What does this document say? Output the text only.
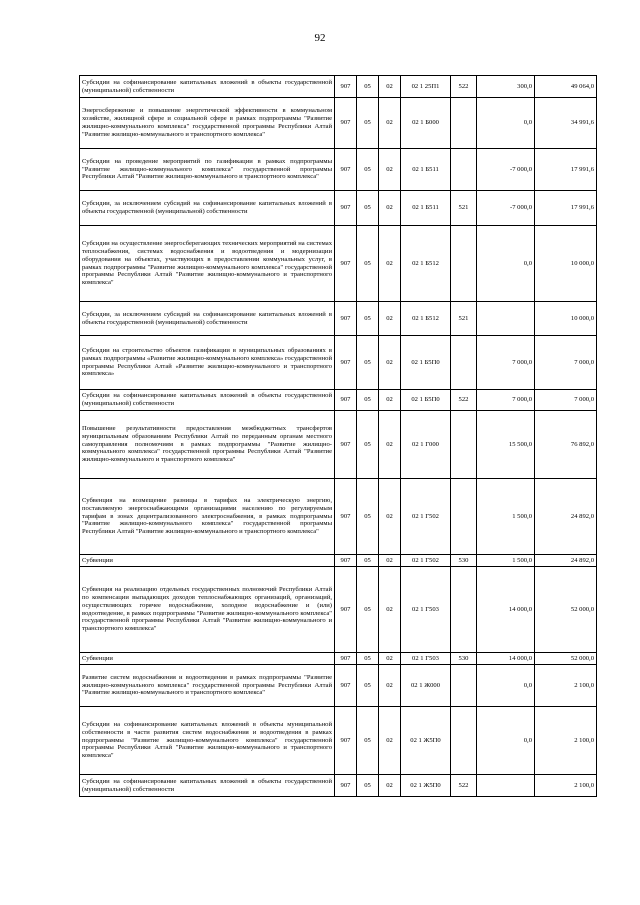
92
Субсидии на софинансирование капитальных вложений в объекты государственной (муниципальной) собственности	907	05	02	02 1 25П1	522	300,0	49 064,0
Энергосбережение и повышение энергетической эффективности в коммунальном хозяйстве, жилищной сфере и социальной сфере в рамках подпрограммы "Развитие жилищно-коммунального комплекса" государственной программы Республики Алтай "Развитие жилищно-коммунального и транспортного комплекса"	907	05	02	02 1 Б000		0,0	34 991,6
Субсидии на проведение мероприятий по газификации в рамках подпрограммы "Развитие жилищно-коммунального комплекса" государственной программы Республики Алтай "Развитие жилищно-коммунального и транспортного комплекса"	907	05	02	02 1 Б511		-7 000,0	17 991,6
Субсидии, за исключением субсидий на софинансирование капитальных вложений в объекты государственной (муниципальной) собственности	907	05	02	02 1 Б511	521	-7 000,0	17 991,6
Субсидии на осуществление энергосберегающих технических мероприятий на системах теплоснабжения, системах водоснабжения и водоотведения и модернизации оборудования на объектах, участвующих в предоставлении коммунальных услуг, в рамках подпрограммы "Развитие жилищно-коммунального комплекса" государственной программы Республики Алтай "Развитие жилищно-коммунального и транспортного комплекса"	907	05	02	02 1 Б512		0,0	10 000,0
Субсидии, за исключением субсидий на софинансирование капитальных вложений в объекты государственной (муниципальной) собственности	907	05	02	02 1 Б512	521		10 000,0
Субсидии на строительство объектов газификации в муниципальных образованиях в рамках подпрограммы «Развитие жилищно-коммунального комплекса» государственной программы Республики Алтай «Развитие жилищно-коммунального и транспортного комплекса»	907	05	02	02 1 Б5П0		7 000,0	7 000,0
Субсидии на софинансирование капитальных вложений в объекты государственной (муниципальной) собственности	907	05	02	02 1 Б5П0	522	7 000,0	7 000,0
Повышение результативности предоставления межбюджетных трансфертов муниципальным образованиям Республики Алтай по переданным органам местного самоуправления полномочиям в рамках подпрограммы "Развитие жилищно-коммунального комплекса" государственной программы Республики Алтай "Развитие жилищно-коммунального и транспортного комплекса"	907	05	02	02 1 Г000		15 500,0	76 892,0
Субвенция на возмещение разницы в тарифах на электрическую энергию, поставляемую энергоснабжающими организациями населению по регулируемым тарифам в зонах децентрализованного электроснабжения, в рамках подпрограммы "Развитие жилищно-коммунального комплекса" государственной программы Республики Алтай "Развитие жилищно-коммунального и транспортного комплекса"	907	05	02	02 1 Г502		1 500,0	24 892,0
Субвенции	907	05	02	02 1 Г502	530	1 500,0	24 892,0
Субвенция на реализацию отдельных государственных полномочий Республики Алтай по компенсации выпадающих доходов теплоснабжающих организаций, организаций, осуществляющих горячее водоснабжение, холодное водоснабжение и (или) водоотведение, в рамках подпрограммы "Развитие жилищно-коммунального комплекса" государственной программы Республики Алтай "Развитие жилищно-коммунального и транспортного комплекса"	907	05	02	02 1 Г503		14 000,0	52 000,0
Субвенции	907	05	02	02 1 Г503	530	14 000,0	52 000,0
Развитие систем водоснабжения и водоотведения в рамках подпрограммы "Развитие жилищно-коммунального комплекса" государственной программы Республики Алтай "Развитие жилищно-коммунального и транспортного комплекса"	907	05	02	02 1 Ж000		0,0	2 100,0
Субсидии на софинансирование капитальных вложений в объекты муниципальной собственности в части развития систем водоснабжения и водоотведения в рамках подпрограммы "Развитие жилищно-коммунального комплекса" государственной программы Республики Алтай "Развитие жилищно-коммунального и транспортного комплекса"	907	05	02	02 1 Ж5П0		0,0	2 100,0
Субсидии на софинансирование капитальных вложений в объекты государственной (муниципальной) собственности	907	05	02	02 1 Ж5П0	522		2 100,0
